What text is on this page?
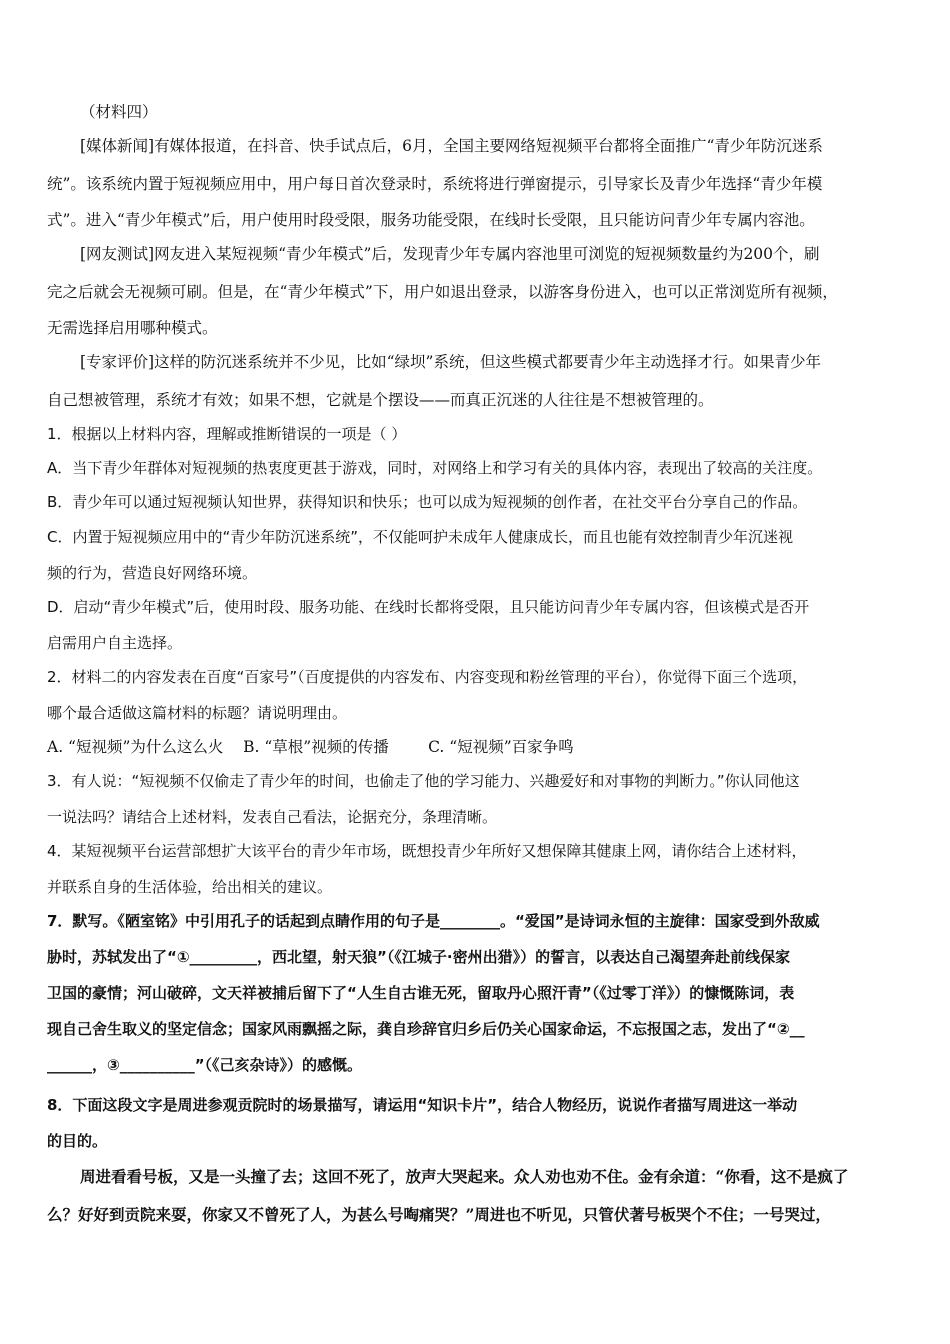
（材料四）
[媒体新闻]有媒体报道，在抖音、快手试点后，6月，全国主要网络短视频平台都将全面推广“青少年防沉迷系
统”。该系统内置于短视频应用中，用户每日首次登录时，系统将进行弹窗提示，引导家长及青少年选择“青少年模
式”。进入“青少年模式”后，用户使用时段受限，服务功能受限，在线时长受限，且只能访问青少年专属内容池。
[网友测试]网友进入某短视频“青少年模式”后，发现青少年专属内容池里可浏览的短视频数量约为200个，刷
完之后就会无视频可刷。但是，在“青少年模式”下，用户如退出登录，以游客身份进入，也可以正常浏览所有视频，
无需选择启用哪种模式。
[专家评价]这样的防沉迷系统并不少见，比如“绿坝”系统，但这些模式都要青少年主动选择才行。如果青少年
自己想被管理，系统才有效；如果不想，它就是个摆设——而真正沉迷的人往往是不想被管理的。
1．根据以上材料内容，理解或推断错误的一项是（ ）
A．当下青少年群体对短视频的热衷度更甚于游戏，同时，对网络上和学习有关的具体内容，表现出了较高的关注度。
B．青少年可以通过短视频认知世界，获得知识和快乐；也可以成为短视频的创作者，在社交平台分享自己的作品。
C．内置于短视频应用中的“青少年防沉迷系统”，不仅能呵护未成年人健康成长，而且也能有效控制青少年沉迷视
频的行为，营造良好网络环境。
D．启动“青少年模式”后，使用时段、服务功能、在线时长都将受限，且只能访问青少年专属内容，但该模式是否开
启需用户自主选择。
2．材料二的内容发表在百度“百家号”（百度提供的内容发布、内容变现和粉丝管理的平台），你觉得下面三个选项，
哪个最合适做这篇材料的标题？请说明理由。
A. “短视频”为什么这么火    B. “草根”视频的传播        C. “短视频”百家争鸣
3．有人说：“短视频不仅偷走了青少年的时间，也偷走了他的学习能力、兴趣爱好和对事物的判断力。”你认同他这
一说法吗？请结合上述材料，发表自己看法，论据充分，条理清晰。
4．某短视频平台运营部想扩大该平台的青少年市场，既想投青少年所好又想保障其健康上网，请你结合上述材料，
并联系自身的生活体验，给出相关的建议。
7．默写。《陋室铭》中引用孔子的话起到点睛作用的句子是________。“爱国”是诗词永恒的主旋律：国家受到外敌威
胁时，苏轼发出了“①_________，西北望，射天狼”（《江城子·密州出猎》）的誓言，以表达自己渴望奔赴前线保家
卫国的豪情；河山破碎，文天祥被捕后留下了“人生自古谁无死，留取丹心照汗青”（《过零丁洋》）的慷慨陈词，表
现自己舍生取义的坚定信念；国家风雨飘摇之际，龚自珍辞官归乡后仍关心国家命运，不忘报国之志，发出了“②__
______，③__________”（《己亥杂诗》）的感慨。
8．下面这段文字是周进参观贡院时的场景描写，请运用“知识卡片”，结合人物经历，说说作者描写周进这一举动
的目的。
周进看看号板，又是一头撞了去；这回不死了，放声大哭起来。众人劝也劝不住。金有余道：“你看，这不是疯了
么？好好到贡院来耍，你家又不曾死了人，为甚么号啕痛哭？”周进也不听见，只管伏著号板哭个不住；一号哭过，
